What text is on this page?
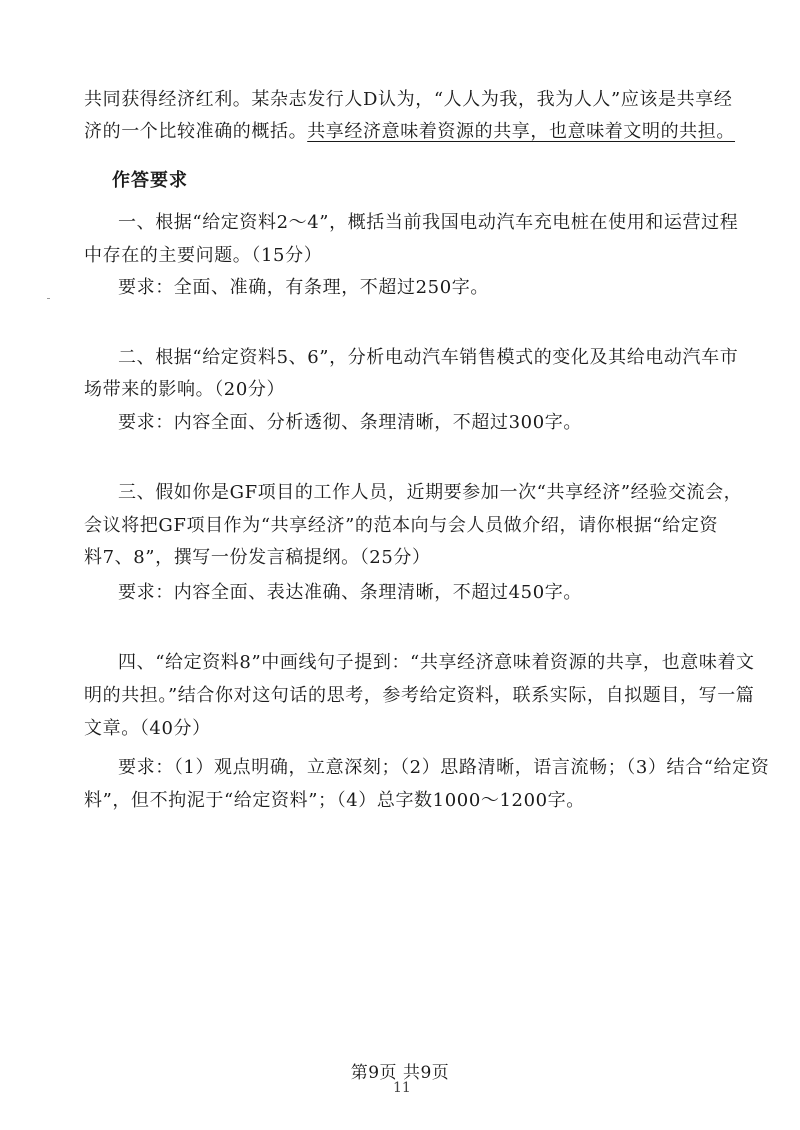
共同获得经济红利。某杂志发行人D认为，“人人为我，我为人人”应该是共享经
济的一个比较准确的概括。共享经济意味着资源的共享，也意味着文明的共担。
作答要求
一、根据“给定资料2～4”，概括当前我国电动汽车充电桩在使用和运营过程
中存在的主要问题。（15分）
要求：全面、准确，有条理，不超过250字。
二、根据“给定资料5、6”，分析电动汽车销售模式的变化及其给电动汽车市
场带来的影响。（20分）
要求：内容全面、分析透彻、条理清晰，不超过300字。
三、假如你是GF项目的工作人员，近期要参加一次“共享经济”经验交流会，
会议将把GF项目作为“共享经济”的范本向与会人员做介绍，请你根据“给定资
料7、8”，撰写一份发言稿提纲。（25分）
要求：内容全面、表达准确、条理清晰，不超过450字。
四、“给定资料8”中画线句子提到：“共享经济意味着资源的共享，也意味着文
明的共担。”结合你对这句话的思考，参考给定资料，联系实际，自拟题目，写一篇
文章。（40分）
要求：（1）观点明确，立意深刻；（2）思路清晰，语言流畅；（3）结合“给定资
料”，但不拘泥于“给定资料”；（4）总字数1000～1200字。
第9页 共9页
11
